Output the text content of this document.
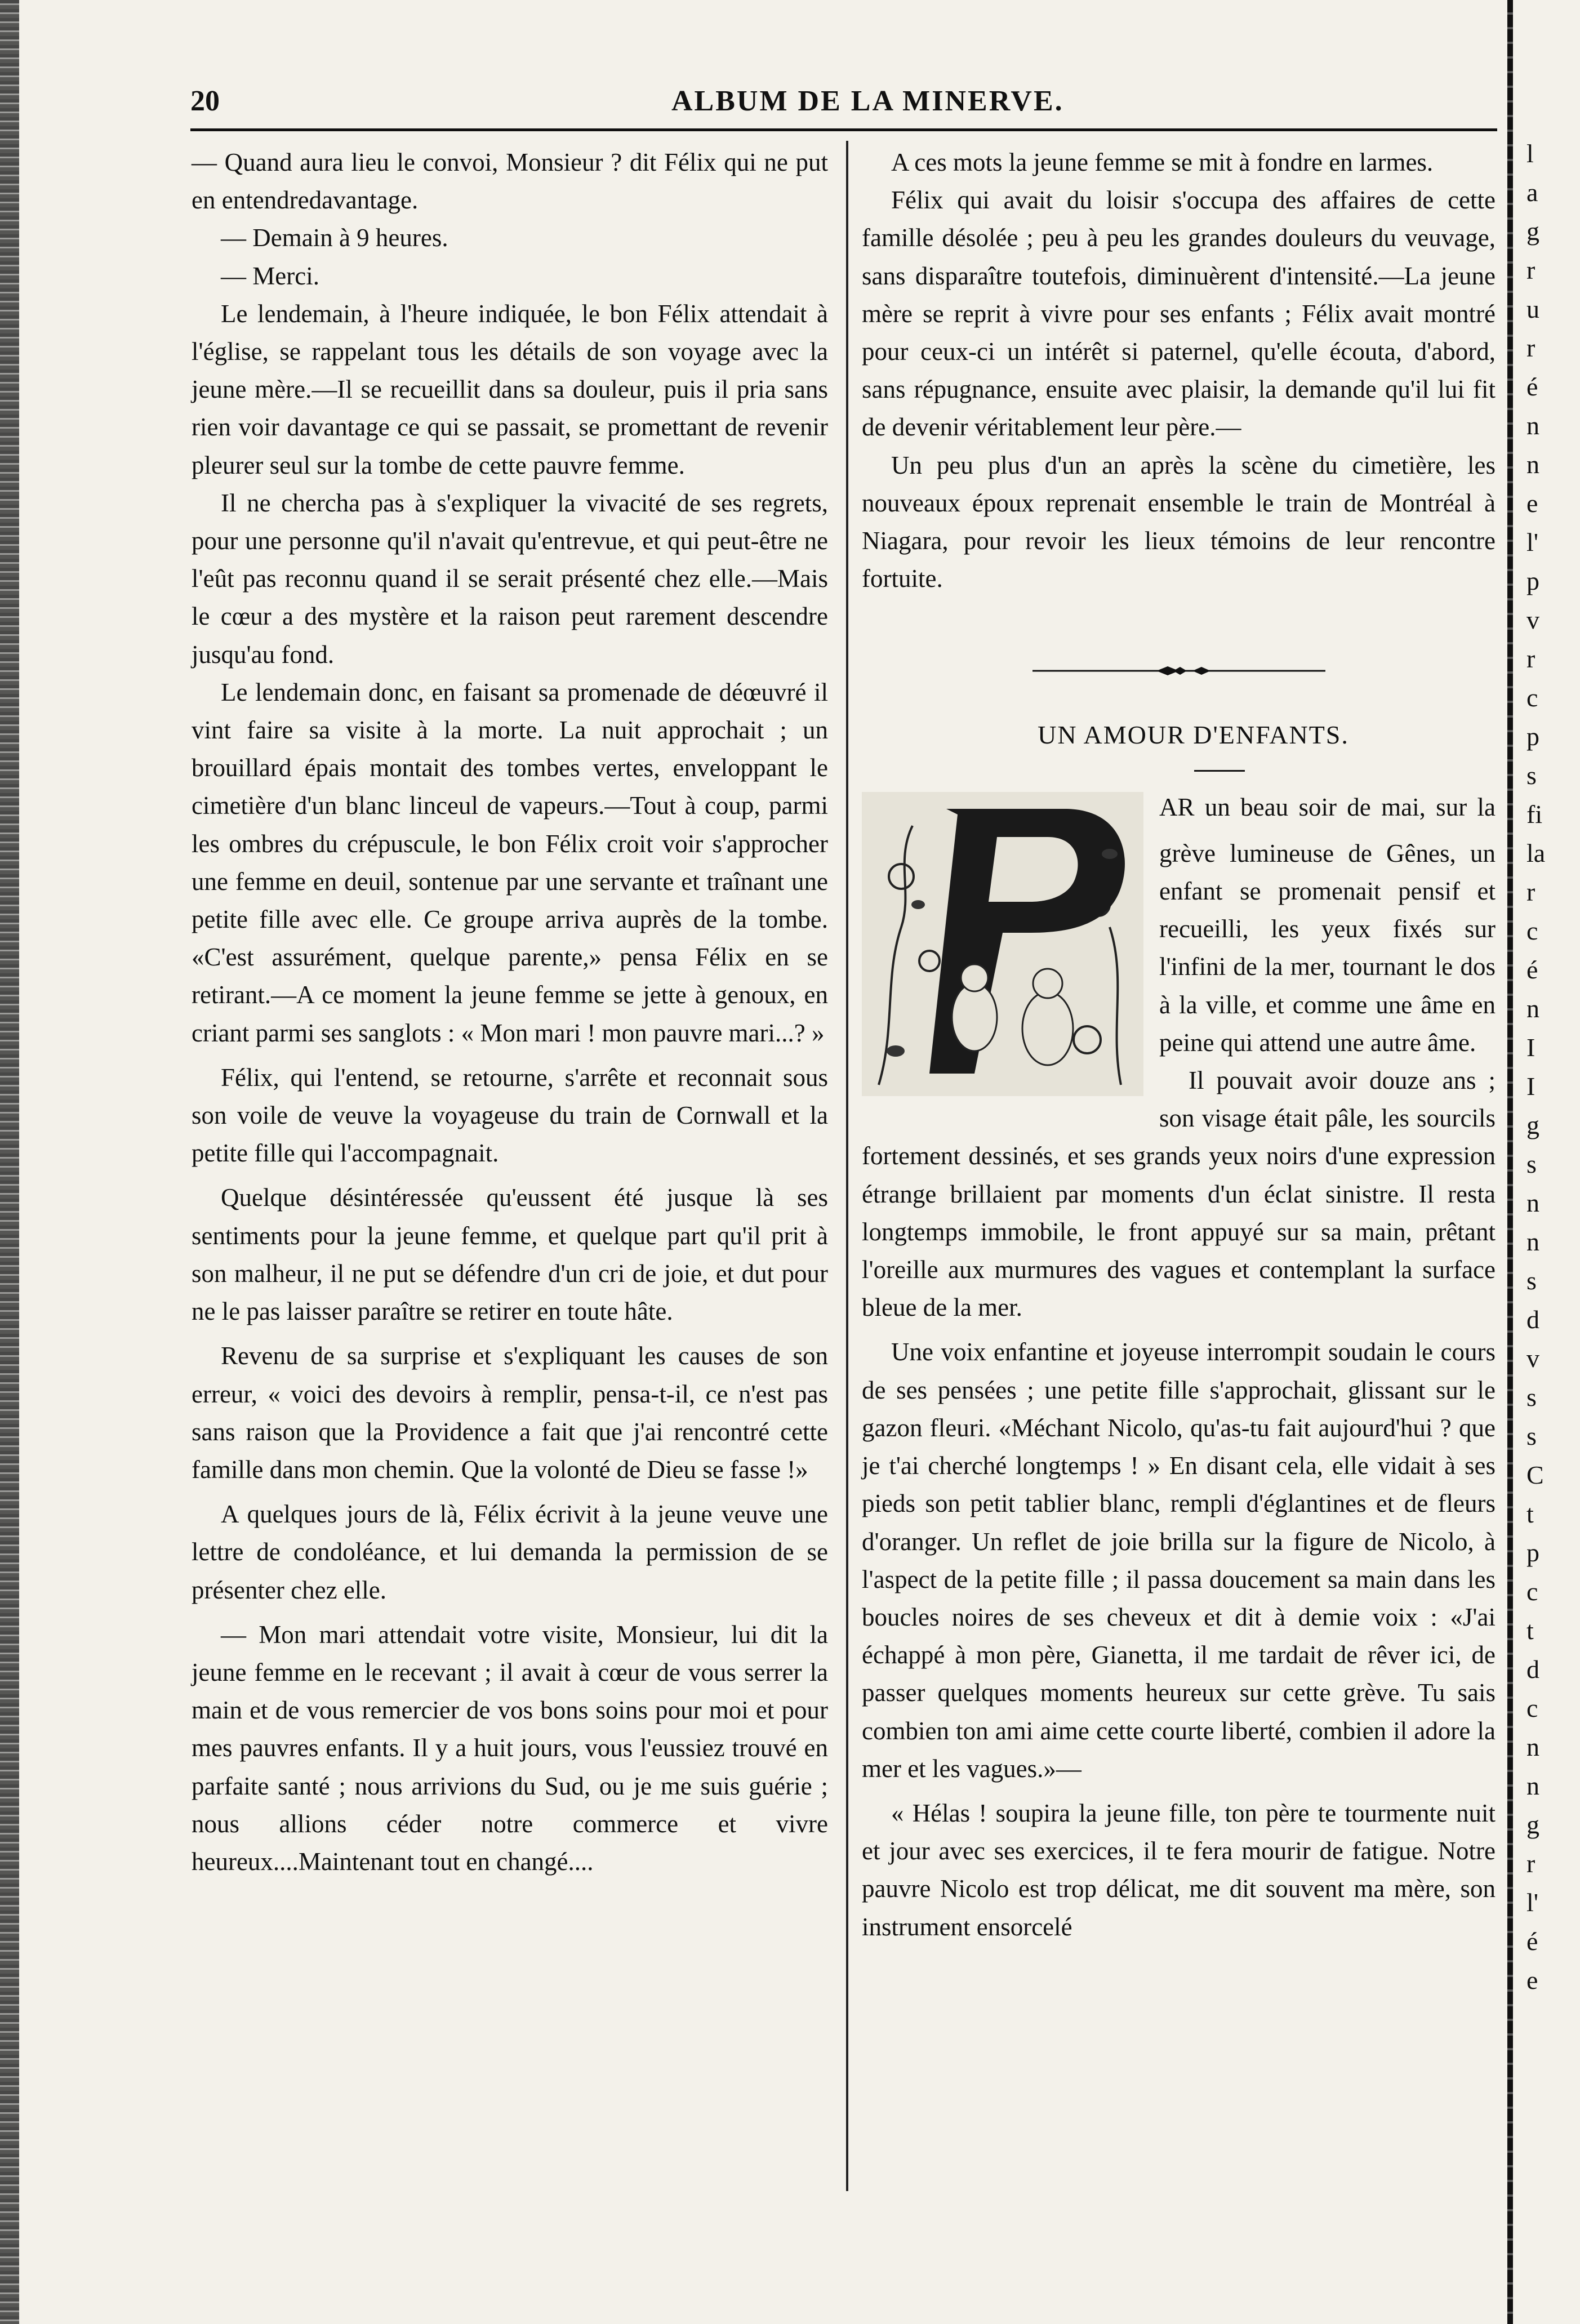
l
a
g
r
u
r
é
n
n
e
l'
p
v
r
c
p
s
fi
la
r
c
é
n
I
I
g
s
n
n
s
d
v
s
s
C
t
p
c
t
d
c
n
n
g
r
l'
é
e
20	ALBUM DE LA MINERVE.

— Quand aura lieu le convoi, Monsieur ? dit Félix qui ne put en entendredavantage.

— Demain à 9 heures.

— Merci.

Le lendemain, à l'heure indiquée, le bon Félix attendait à l'église, se rappelant tous les détails de son voyage avec la jeune mère.—Il se recueillit dans sa douleur, puis il pria sans rien voir davantage ce qui se passait, se promettant de revenir pleurer seul sur la tombe de cette pauvre femme.

Il ne chercha pas à s'expliquer la vivacité de ses regrets, pour une personne qu'il n'avait qu'entrevue, et qui peut-être ne l'eût pas reconnu quand il se serait présenté chez elle.—Mais le cœur a des mystère et la raison peut rarement descendre jusqu'au fond.

Le lendemain donc, en faisant sa promenade de déœuvré il vint faire sa visite à la morte. La nuit approchait ; un brouillard épais montait des tombes vertes, enveloppant le cimetière d'un blanc linceul de vapeurs.—Tout à coup, parmi les ombres du crépuscule, le bon Félix croit voir s'approcher une femme en deuil, sontenue par une servante et traînant une petite fille avec elle. Ce groupe arriva auprès de la tombe. «C'est assurément, quelque parente,» pensa Félix en se retirant.—A ce moment la jeune femme se jette à genoux, en criant parmi ses sanglots : « Mon mari ! mon pauvre mari...? »

Félix, qui l'entend, se retourne, s'arrête et reconnait sous son voile de veuve la voyageuse du train de Cornwall et la petite fille qui l'accompagnait.

Quelque désintéressée qu'eussent été jusque là ses sentiments pour la jeune femme, et quelque part qu'il prit à son malheur, il ne put se défendre d'un cri de joie, et dut pour ne le pas laisser paraître se retirer en toute hâte.

Revenu de sa surprise et s'expliquant les causes de son erreur, « voici des devoirs à remplir, pensa-t-il, ce n'est pas sans raison que la Providence a fait que j'ai rencontré cette famille dans mon chemin. Que la volonté de Dieu se fasse !»

A quelques jours de là, Félix écrivit à la jeune veuve une lettre de condoléance, et lui demanda la permission de se présenter chez elle.

— Mon mari attendait votre visite, Monsieur, lui dit la jeune femme en le recevant ; il avait à cœur de vous serrer la main et de vous remercier de vos bons soins pour moi et pour mes pauvres enfants. Il y a huit jours, vous l'eussiez trouvé en parfaite santé ; nous arrivions du Sud, ou je me suis guérie ; nous allions céder notre commerce et vivre heureux....Maintenant tout en changé....

A ces mots la jeune femme se mit à fondre en larmes.

Félix qui avait du loisir s'occupa des affaires de cette famille désolée ; peu à peu les grandes douleurs du veuvage, sans disparaître toutefois, diminuèrent d'intensité.—La jeune mère se reprit à vivre pour ses enfants ; Félix avait montré pour ceux-ci un intérêt si paternel, qu'elle écouta, d'abord, sans répugnance, ensuite avec plaisir, la demande qu'il lui fit de devenir véritablement leur père.—

Un peu plus d'un an après la scène du cimetière, les nouveaux époux reprenait ensemble le train de Montréal à Niagara, pour revoir les lieux témoins de leur rencontre fortuite.

UN AMOUR D'ENFANTS.

AR un beau soir de mai, sur la grève lumineuse de Gênes, un enfant se promenait pensif et recueilli, les yeux fixés sur l'infini de la mer, tournant le dos à la ville, et comme une âme en peine qui attend une autre âme.

Il pouvait avoir douze ans ; son visage était pâle, les sourcils fortement dessinés, et ses grands yeux noirs d'une expression étrange brillaient par moments d'un éclat sinistre. Il resta longtemps immobile, le front appuyé sur sa main, prêtant l'oreille aux murmures des vagues et contemplant la surface bleue de la mer.

Une voix enfantine et joyeuse interrompit soudain le cours de ses pensées ; une petite fille s'approchait, glissant sur le gazon fleuri. «Méchant Nicolo, qu'as-tu fait aujourd'hui ? que je t'ai cherché longtemps ! » En disant cela, elle vidait à ses pieds son petit tablier blanc, rempli d'églantines et de fleurs d'oranger. Un reflet de joie brilla sur la figure de Nicolo, à l'aspect de la petite fille ; il passa doucement sa main dans les boucles noires de ses cheveux et dit à demie voix : «J'ai échappé à mon père, Gianetta, il me tardait de rêver ici, de passer quelques moments heureux sur cette grève. Tu sais combien ton ami aime cette courte liberté, combien il adore la mer et les vagues.»—

« Hélas ! soupira la jeune fille, ton père te tourmente nuit et jour avec ses exercices, il te fera mourir de fatigue. Notre pauvre Nicolo est trop délicat, me dit souvent ma mère, son instrument ensorcelé
